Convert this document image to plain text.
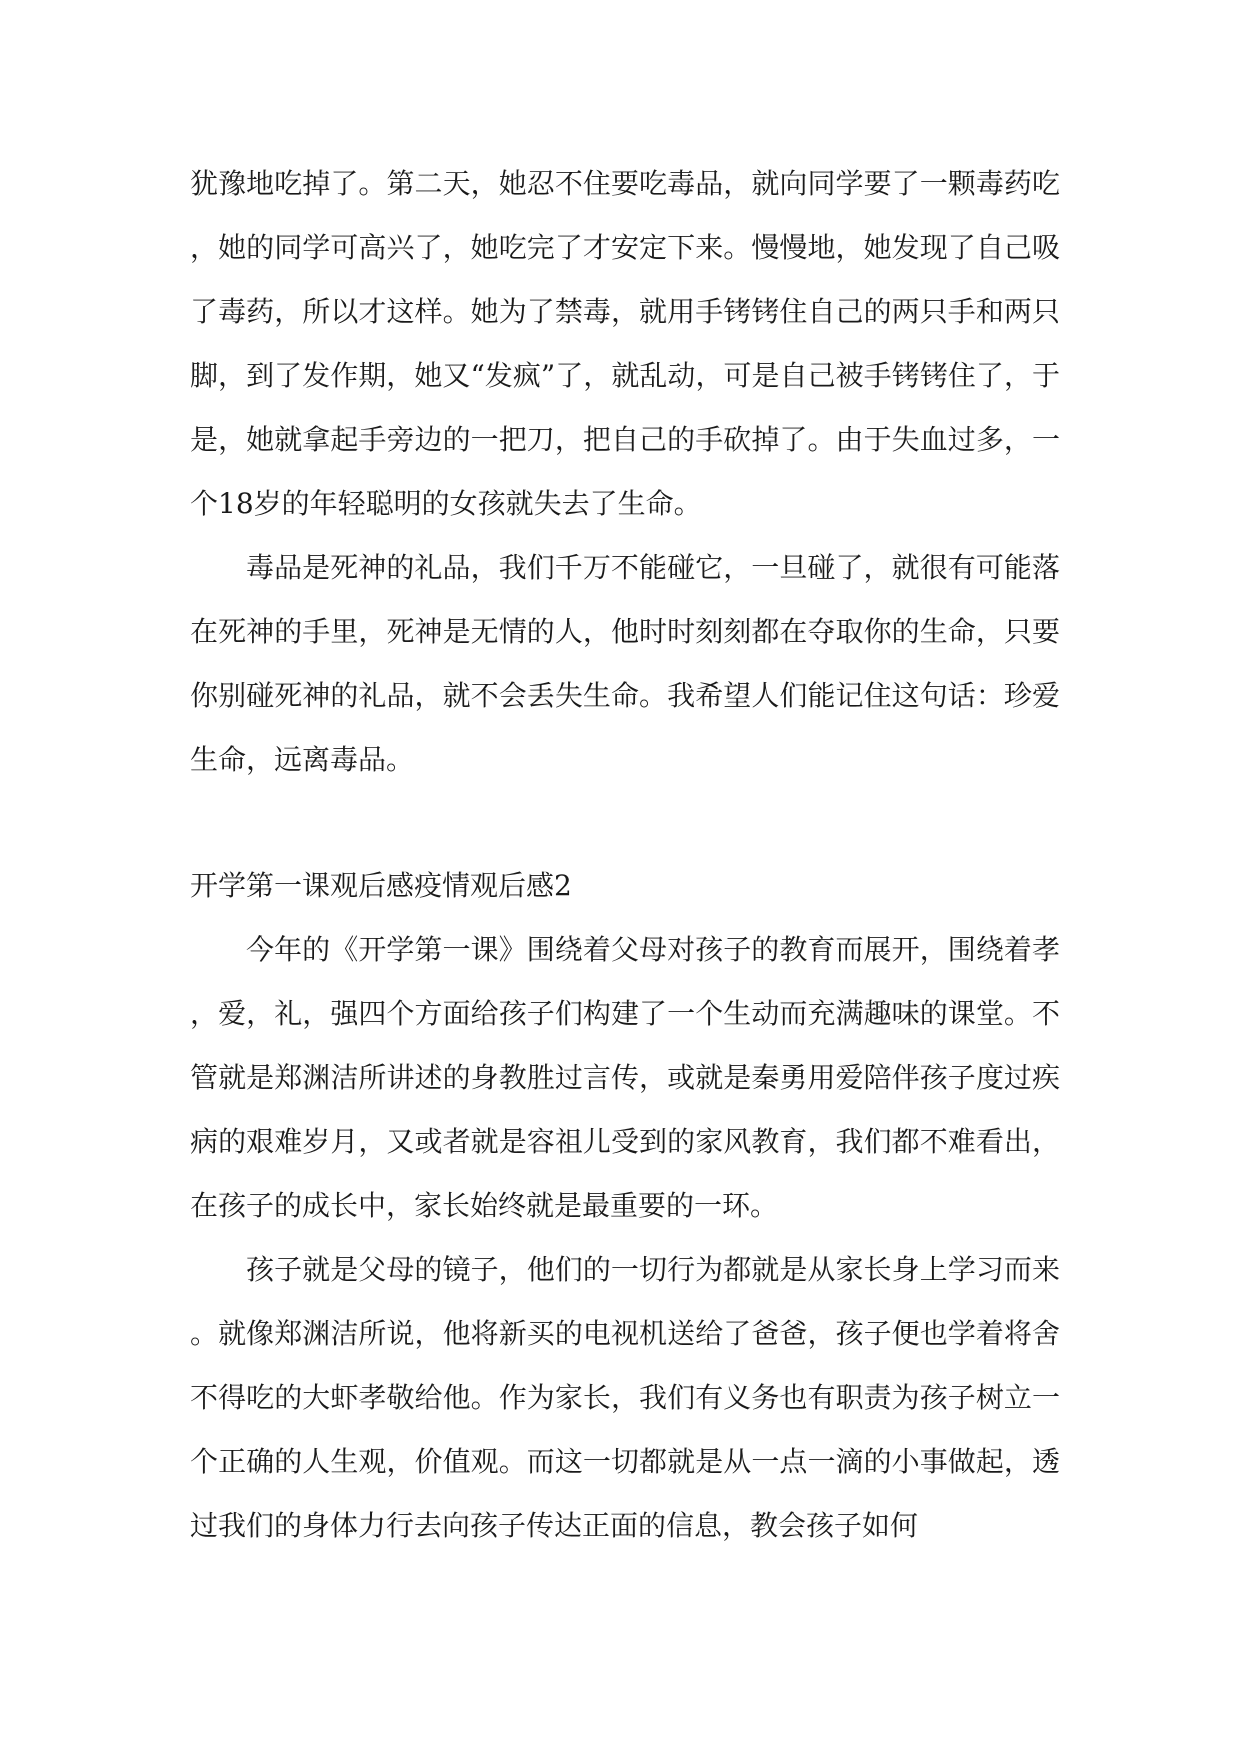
犹豫地吃掉了。第二天，她忍不住要吃毒品，就向同学要了一颗毒药吃，她的同学可高兴了，她吃完了才安定下来。慢慢地，她发现了自己吸了毒药，所以才这样。她为了禁毒，就用手铐铐住自己的两只手和两只脚，到了发作期，她又“发疯”了，就乱动，可是自己被手铐铐住了，于是，她就拿起手旁边的一把刀，把自己的手砍掉了。由于失血过多，一个18岁的年轻聪明的女孩就失去了生命。

毒品是死神的礼品，我们千万不能碰它，一旦碰了，就很有可能落在死神的手里，死神是无情的人，他时时刻刻都在夺取你的生命，只要你别碰死神的礼品，就不会丢失生命。我希望人们能记住这句话：珍爱生命，远离毒品。

开学第一课观后感疫情观后感2

今年的《开学第一课》围绕着父母对孩子的教育而展开，围绕着孝，爱，礼，强四个方面给孩子们构建了一个生动而充满趣味的课堂。不管就是郑渊洁所讲述的身教胜过言传，或就是秦勇用爱陪伴孩子度过疾病的艰难岁月，又或者就是容祖儿受到的家风教育，我们都不难看出，在孩子的成长中，家长始终就是最重要的一环。

孩子就是父母的镜子，他们的一切行为都就是从家长身上学习而来。就像郑渊洁所说，他将新买的电视机送给了爸爸，孩子便也学着将舍不得吃的大虾孝敬给他。作为家长，我们有义务也有职责为孩子树立一个正确的人生观，价值观。而这一切都就是从一点一滴的小事做起，透过我们的身体力行去向孩子传达正面的信息，教会孩子如何
